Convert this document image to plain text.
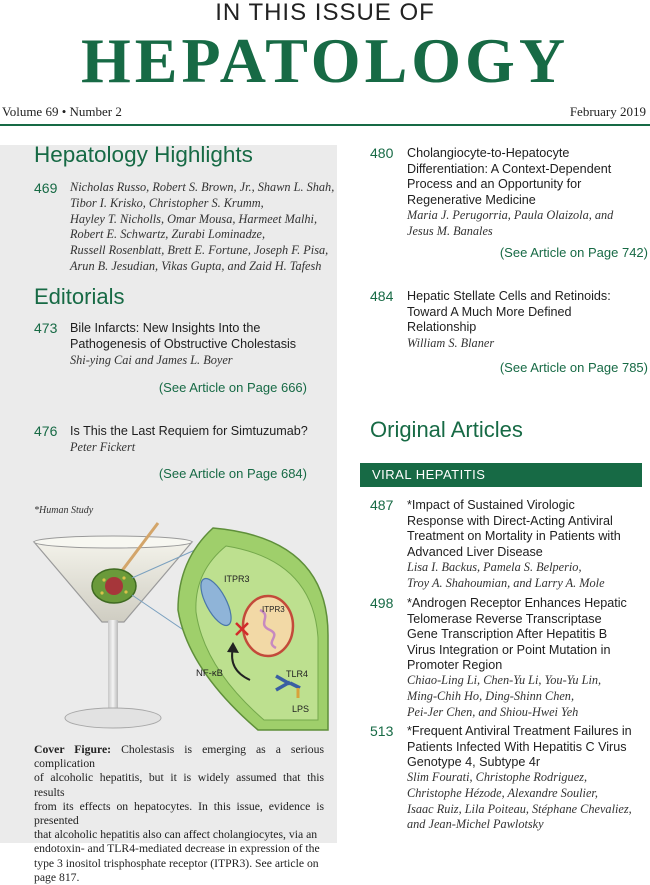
IN THIS ISSUE OF
HEPATOLOGY
Volume 69 • Number 2	February 2019
Hepatology Highlights
469	Nicholas Russo, Robert S. Brown, Jr., Shawn L. Shah,
Tibor I. Krisko, Christopher S. Krumm,
Hayley T. Nicholls, Omar Mousa, Harmeet Malhi,
Robert E. Schwartz, Zurabi Lominadze,
Russell Rosenblatt, Brett E. Fortune, Joseph F. Pisa,
Arun B. Jesudian, Vikas Gupta, and Zaid H. Tafesh
Editorials
473	Bile Infarcts: New Insights Into the
Pathogenesis of Obstructive Cholestasis
Shi-ying Cai and James L. Boyer
(See Article on Page 666)
476	Is This the Last Requiem for Simtuzumab?
Peter Fickert
(See Article on Page 684)
*Human Study
ITPR3
ITPR3
NF-κB	TLR4
LPS
Cover Figure: Cholestasis is emerging as a serious complication
of alcoholic hepatitis, but it is widely assumed that this results
from its effects on hepatocytes. In this issue, evidence is presented
that alcoholic hepatitis also can affect cholangiocytes, via an
endotoxin- and TLR4-mediated decrease in expression of the
type 3 inositol trisphosphate receptor (ITPR3). See article on
page 817.
480	Cholangiocyte-to-Hepatocyte
Differentiation: A Context-Dependent
Process and an Opportunity for
Regenerative Medicine
Maria J. Perugorria, Paula Olaizola, and
Jesus M. Banales
(See Article on Page 742)
484	Hepatic Stellate Cells and Retinoids:
Toward A Much More Defined
Relationship
William S. Blaner
(See Article on Page 785)
Original Articles
VIRAL HEPATITIS
487	*Impact of Sustained Virologic
Response with Direct-Acting Antiviral
Treatment on Mortality in Patients with
Advanced Liver Disease
Lisa I. Backus, Pamela S. Belperio,
Troy A. Shahoumian, and Larry A. Mole
498	*Androgen Receptor Enhances Hepatic
Telomerase Reverse Transcriptase
Gene Transcription After Hepatitis B
Virus Integration or Point Mutation in
Promoter Region
Chiao-Ling Li, Chen-Yu Li, You-Yu Lin,
Ming-Chih Ho, Ding-Shinn Chen,
Pei-Jer Chen, and Shiou-Hwei Yeh
513	*Frequent Antiviral Treatment Failures in
Patients Infected With Hepatitis C Virus
Genotype 4, Subtype 4r
Slim Fourati, Christophe Rodriguez,
Christophe Hézode, Alexandre Soulier,
Isaac Ruiz, Lila Poiteau, Stéphane Chevaliez,
and Jean-Michel Pawlotsky
